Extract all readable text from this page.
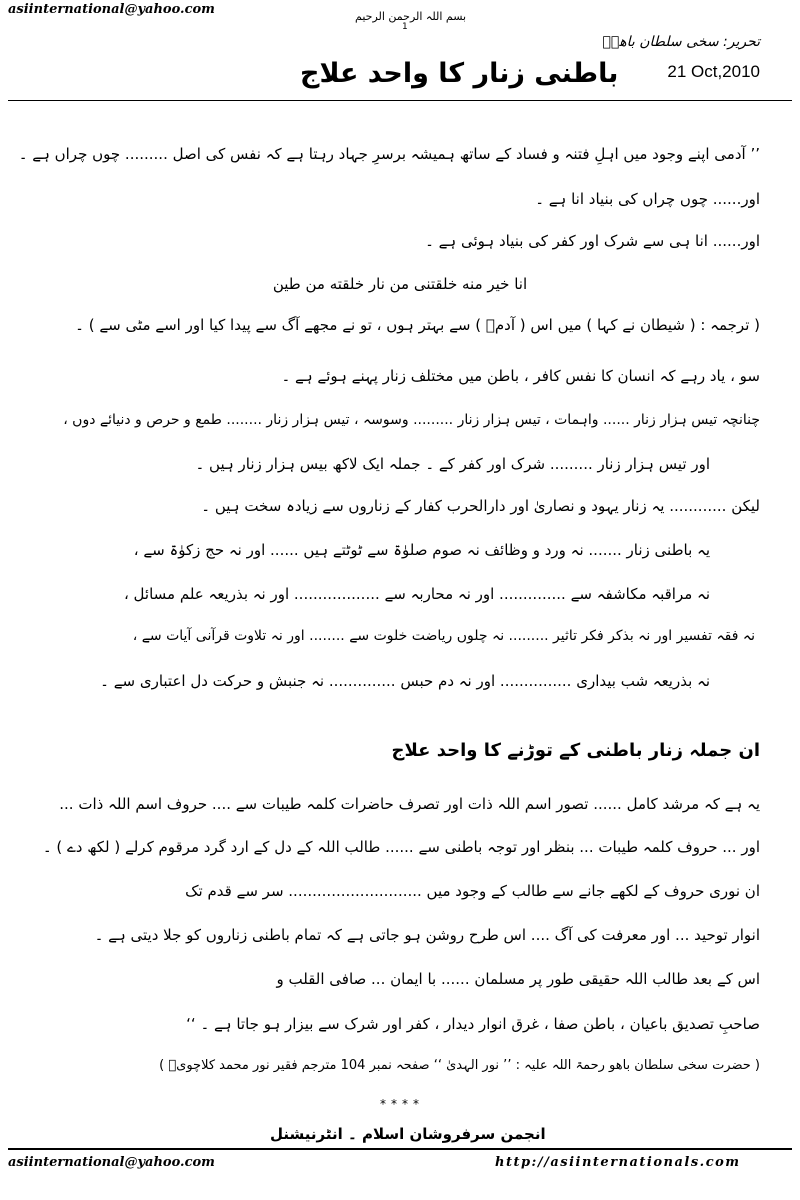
asiinternational@yahoo.com	بسم اللہ الرحمن الرحیم
1
تحریر: سخی سلطان باھوؒ
21 Oct,2010
باطنی زنار کا واحد علاج
’’ آدمی اپنے وجود میں اہلِ فتنہ و فساد کے ساتھ ہمیشہ برسرِ جہاد رہتا ہے کہ نفس کی اصل ......... چوں چراں ہے ۔
اور...... چوں چراں کی بنیاد انا ہے ۔
اور...... انا ہی سے شرک اور کفر کی بنیاد ہوئی ہے ۔
انا خیر منه خلقتنی من نار خلقته من طین
( ترجمہ : ( شیطان نے کہا ) میں اس ( آدمؑ ) سے بہتر ہوں ، تو نے مجھے آگ سے پیدا کیا اور اسے مٹی سے ) ۔
سو ، یاد رہے کہ انسان کا نفس کافر ، باطن میں مختلف زنار پہنے ہوئے ہے ۔
چنانچہ تیس ہزار زنار ...... واہمات ، تیس ہزار زنار ......... وسوسہ ، تیس ہزار زنار ........ طمع و حرص و دنیائے دوں ،
اور تیس ہزار زنار ......... شرک اور کفر کے ۔ جملہ ایک لاکھ بیس ہزار زنار ہیں ۔
لیکن ............ یہ زنار یہود و نصاریٰ اور دارالحرب کفار کے زناروں سے زیادہ سخت ہیں ۔
یہ باطنی زنار ....... نہ ورد و وظائف نہ صوم صلوٰۃ سے ٹوٹتے ہیں ...... اور نہ حج زکوٰۃ سے ،
نہ مراقبہ مکاشفہ سے .............. اور نہ محاربہ سے .................. اور نہ بذریعہ علم مسائل ،
نہ فقہ تفسیر اور نہ بذکر فکر تاثیر ......... نہ چلوں ریاضت خلوت سے ........ اور نہ تلاوت قرآنی آیات سے ،
نہ بذریعہ شب بیداری ............... اور نہ دم حبس .............. نہ جنبش و حرکت دل اعتباری سے ۔
ان جملہ زنار باطنی کے توڑنے کا واحد علاج
یہ ہے کہ مرشد کامل ...... تصور اسم اللہ ذات اور تصرف حاضرات کلمہ طیبات سے .... حروف اسم اللہ ذات ...
اور ... حروف کلمہ طیبات ... بنظر اور توجہ باطنی سے ...... طالب اللہ کے دل کے ارد گرد مرقوم کرلے ( لکھ دے ) ۔
ان نوری حروف کے لکھے جانے سے طالب کے وجود میں ............................ سر سے قدم تک
انوار توحید ... اور معرفت کی آگ .... اس طرح روشن ہو جاتی ہے کہ تمام باطنی زناروں کو جلا دیتی ہے ۔
اس کے بعد طالب اللہ حقیقی طور پر مسلمان ...... با ایمان ... صافی القلب و
صاحبِ تصدیق باعیان ، باطن صفا ، غرق انوار دیدار ، کفر اور شرک سے بیزار ہو جاتا ہے ۔ ‘‘
( حضرت سخی سلطان باھو رحمۃ اللہ علیہ : ’’ نور الہدیٰ ‘‘ صفحہ نمبر 104 مترجم فقیر نور محمد کلاچویؒ )
****
انجمن سرفروشان اسلام ۔ انٹرنیشنل
asiinternational@yahoo.com	http://asiinternationals.com
